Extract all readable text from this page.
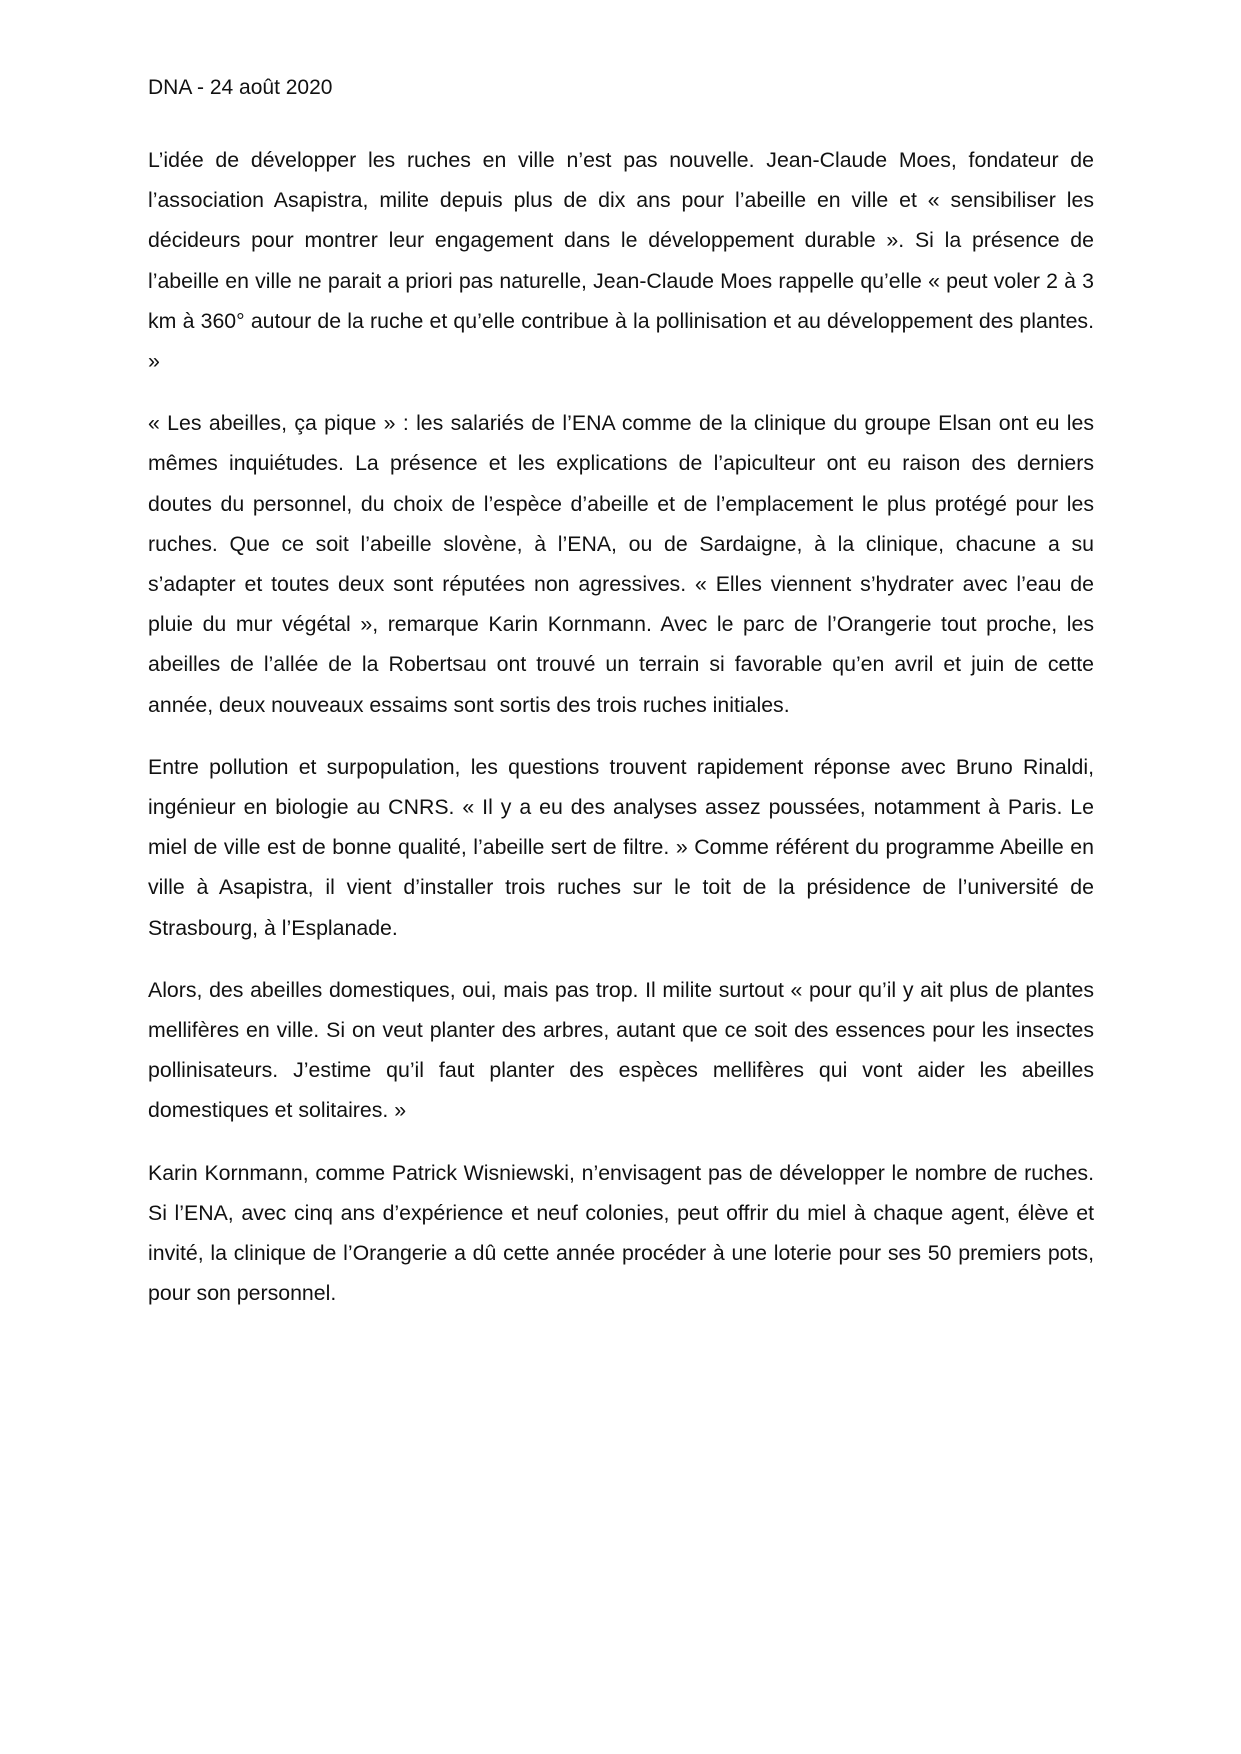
DNA - 24 août 2020

L’idée de développer les ruches en ville n’est pas nouvelle. Jean-Claude Moes, fondateur de l’association Asapistra, milite depuis plus de dix ans pour l’abeille en ville et « sensibiliser les décideurs pour montrer leur engagement dans le développement durable ». Si la présence de l’abeille en ville ne parait a priori pas naturelle, Jean-Claude Moes rappelle qu’elle « peut voler 2 à 3 km à 360° autour de la ruche et qu’elle contribue à la pollinisation et au développement des plantes. »

« Les abeilles, ça pique » : les salariés de l’ENA comme de la clinique du groupe Elsan ont eu les mêmes inquiétudes. La présence et les explications de l’apiculteur ont eu raison des derniers doutes du personnel, du choix de l’espèce d’abeille et de l’emplacement le plus protégé pour les ruches. Que ce soit l’abeille slovène, à l’ENA, ou de Sardaigne, à la clinique, chacune a su s’adapter et toutes deux sont réputées non agressives. « Elles viennent s’hydrater avec l’eau de pluie du mur végétal », remarque Karin Kornmann. Avec le parc de l’Orangerie tout proche, les abeilles de l’allée de la Robertsau ont trouvé un terrain si favorable qu’en avril et juin de cette année, deux nouveaux essaims sont sortis des trois ruches initiales.

Entre pollution et surpopulation, les questions trouvent rapidement réponse avec Bruno Rinaldi, ingénieur en biologie au CNRS. « Il y a eu des analyses assez poussées, notamment à Paris. Le miel de ville est de bonne qualité, l’abeille sert de filtre. » Comme référent du programme Abeille en ville à Asapistra, il vient d’installer trois ruches sur le toit de la présidence de l’université de Strasbourg, à l’Esplanade.

Alors, des abeilles domestiques, oui, mais pas trop. Il milite surtout « pour qu’il y ait plus de plantes mellifères en ville. Si on veut planter des arbres, autant que ce soit des essences pour les insectes pollinisateurs. J’estime qu’il faut planter des espèces mellifères qui vont aider les abeilles domestiques et solitaires. »

Karin Kornmann, comme Patrick Wisniewski, n’envisagent pas de développer le nombre de ruches. Si l’ENA, avec cinq ans d’expérience et neuf colonies, peut offrir du miel à chaque agent, élève et invité, la clinique de l’Orangerie a dû cette année procéder à une loterie pour ses 50 premiers pots, pour son personnel.
